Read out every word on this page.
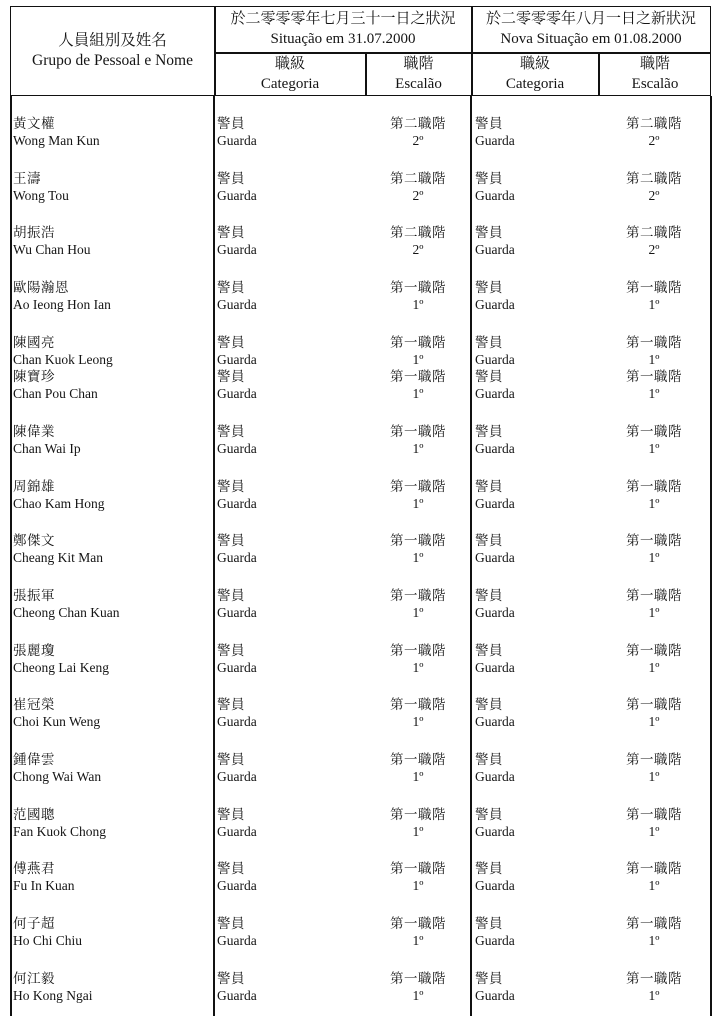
人員組別及姓名
Grupo de Pessoal e Nome
於二零零零年七月三十一日之狀況
Situação em 31.07.2000
於二零零零年八月一日之新狀況
Nova Situação em 01.08.2000
職級
Categoria
職階
Escalão
職級
Categoria
職階
Escalão
黃文權
Wong Man Kun
警員
Guarda
第二職階
2º
警員
Guarda
第二職階
2º
王濤
Wong Tou
警員
Guarda
第二職階
2º
警員
Guarda
第二職階
2º
胡振浩
Wu Chan Hou
警員
Guarda
第二職階
2º
警員
Guarda
第二職階
2º
歐陽瀚恩
Ao Ieong Hon Ian
警員
Guarda
第一職階
1º
警員
Guarda
第一職階
1º
陳國亮
Chan Kuok Leong
警員
Guarda
第一職階
1º
警員
Guarda
第一職階
1º
陳寶珍
Chan Pou Chan
警員
Guarda
第一職階
1º
警員
Guarda
第一職階
1º
陳偉業
Chan Wai Ip
警員
Guarda
第一職階
1º
警員
Guarda
第一職階
1º
周錦雄
Chao Kam Hong
警員
Guarda
第一職階
1º
警員
Guarda
第一職階
1º
鄭傑文
Cheang Kit Man
警員
Guarda
第一職階
1º
警員
Guarda
第一職階
1º
張振軍
Cheong Chan Kuan
警員
Guarda
第一職階
1º
警員
Guarda
第一職階
1º
張麗瓊
Cheong Lai Keng
警員
Guarda
第一職階
1º
警員
Guarda
第一職階
1º
崔冠榮
Choi Kun Weng
警員
Guarda
第一職階
1º
警員
Guarda
第一職階
1º
鍾偉雲
Chong Wai Wan
警員
Guarda
第一職階
1º
警員
Guarda
第一職階
1º
范國聰
Fan Kuok Chong
警員
Guarda
第一職階
1º
警員
Guarda
第一職階
1º
傅燕君
Fu In Kuan
警員
Guarda
第一職階
1º
警員
Guarda
第一職階
1º
何子超
Ho Chi Chiu
警員
Guarda
第一職階
1º
警員
Guarda
第一職階
1º
何江毅
Ho Kong Ngai
警員
Guarda
第一職階
1º
警員
Guarda
第一職階
1º
